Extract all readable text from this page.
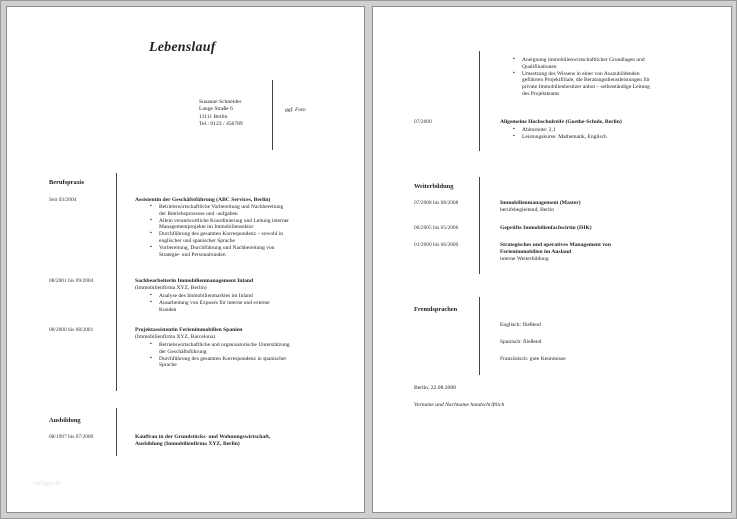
Lebenslauf
Susanne Schneider
Lange Straße 6
11111 Berlin
Tel.: 0123 / 456789
ggf. Foto
Berufspraxis
Seit 03/2004	Assistentin der Geschäftsführung (ABC Services, Berlin)
▪ Betriebswirtschaftliche Vorbereitung und Nachbereitung
der Betriebsprozesse und -aufgaben
▪ Allein verantwortliche Koordinierung und Leitung interner
Managementprojekte im Immobiliensektor
▪ Durchführung des gesamten Korrespondenz – sowohl in
englischer und spanischer Sprache
▪ Vorbereitung, Durchführung und Nachbereitung von
Strategie- und Personalrunden
08/2001 bis 09/2004	Sachbearbeiterin Immobilienmanagement Inland
(Immobilienfirma XYZ, Berlin)
▪ Analyse des Immobilienmarktes im Inland
▪ Ausarbeitung von Exposés für interne und externe
Kunden
08/2000 bis 08/2001	Projektassistentin Ferienimmobilien Spanien
(Immobilienfirma XYZ, Barcelona)
▪ Betriebswirtschaftliche und organisatorische Unterstützung
der Geschäftsführung
▪ Durchführung des gesamten Korrespondenz in spanischer
Sprache
Ausbildung
08/1997 bis 07/2000	Kauffrau in der Grundstücks- und Wohnungswirtschaft,
Ausbildung (Immobilienfirma XYZ, Berlin)
vorlagen.de
▪ Aneignung immobilienwirtschaftlicher Grundlagen und
Qualifikationen
▪ Umsetzung des Wissens in einer von Auszubildenden
geführten Projektfiliale, die Beratungsdienstleistungen für
private Immobilienbesitzer anbot – selbstständige Leitung
des Projektteams
07/2000	Allgemeine Hochschulreife (Goethe-Schule, Berlin)
▪ Abiturnote: 2,1
▪ Leistungskurse: Mathematik, Englisch
Weiterbildung
07/2008 bis 08/2008	Immobilienmanagement (Master)
berufsbegleitend, Berlin
06/2005 bis 05/2006	Geprüfte Immobilienfachwirtin (IHK)
01/2000 bis 06/2000	Strategisches und operatives Management von
Ferienimmobilien im Ausland
interne Weiterbildung
Fremdsprachen
Englisch: fließend
Spanisch: fließend
Französisch: gute Kenntnisse
Berlin, 22.08.2008
Vorname und Nachname handschriftlich
